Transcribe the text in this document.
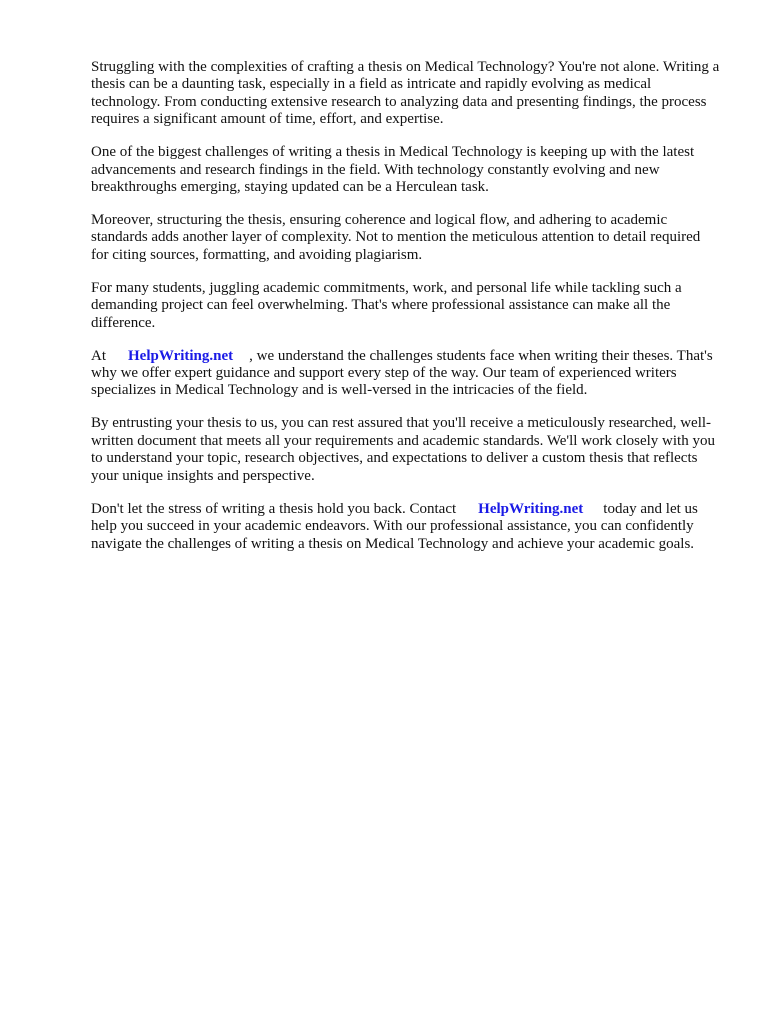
Struggling with the complexities of crafting a thesis on Medical Technology? You're not alone. Writing a thesis can be a daunting task, especially in a field as intricate and rapidly evolving as medical technology. From conducting extensive research to analyzing data and presenting findings, the process requires a significant amount of time, effort, and expertise.

One of the biggest challenges of writing a thesis in Medical Technology is keeping up with the latest advancements and research findings in the field. With technology constantly evolving and new breakthroughs emerging, staying updated can be a Herculean task.

Moreover, structuring the thesis, ensuring coherence and logical flow, and adhering to academic standards adds another layer of complexity. Not to mention the meticulous attention to detail required for citing sources, formatting, and avoiding plagiarism.

For many students, juggling academic commitments, work, and personal life while tackling such a demanding project can feel overwhelming. That's where professional assistance can make all the difference.

At HelpWriting.net , we understand the challenges students face when writing their theses. That's why we offer expert guidance and support every step of the way. Our team of experienced writers specializes in Medical Technology and is well-versed in the intricacies of the field.

By entrusting your thesis to us, you can rest assured that you'll receive a meticulously researched, well-written document that meets all your requirements and academic standards. We'll work closely with you to understand your topic, research objectives, and expectations to deliver a custom thesis that reflects your unique insights and perspective.

Don't let the stress of writing a thesis hold you back. Contact HelpWriting.net today and let us help you succeed in your academic endeavors. With our professional assistance, you can confidently navigate the challenges of writing a thesis on Medical Technology and achieve your academic goals.
